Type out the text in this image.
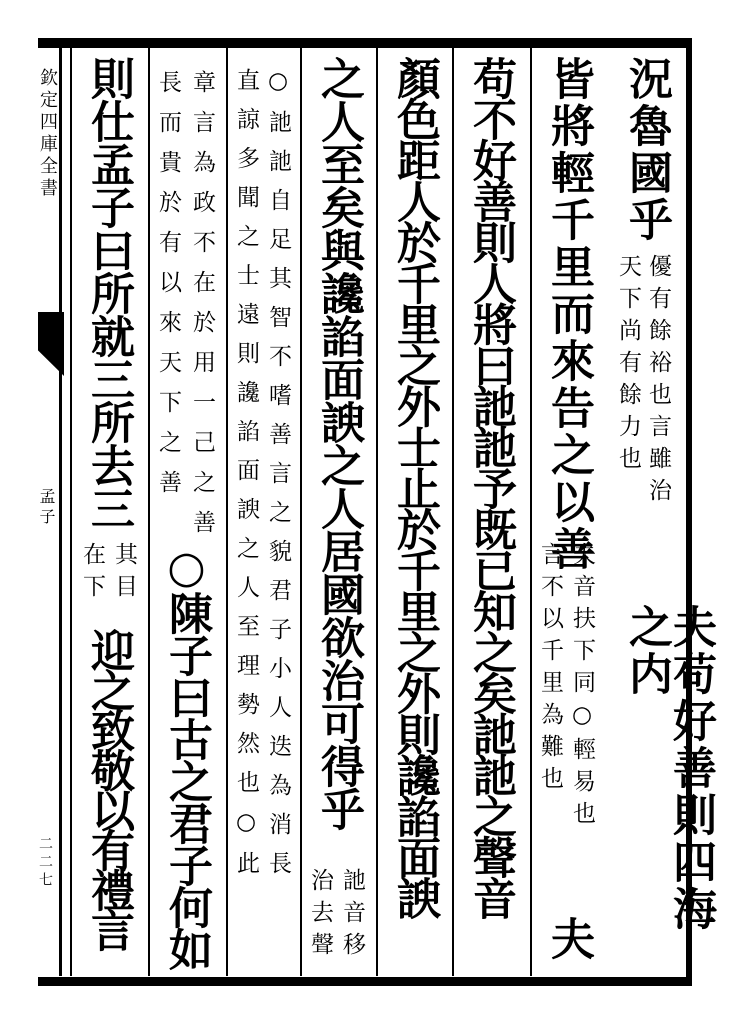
欽定四庫全書
孟子
二二七
況魯國乎
優有餘裕也言雖治
天下尚有餘力也
夫苟好善則四海之内
皆將輕千里而來告之以善
夫音扶下同○輕易也
言不以千里為難也
夫
苟不好善則人將曰訑訑予既已知之矣訑訑之聲音
顏色距人於千里之外士止於千里之外則讒諂面諛
之人至矣與讒諂面諛之人居國欲治可得乎
訑音移
治去聲
○訑訑自足其智不嗜善言之貌君子小人迭為消長
直諒多聞之士遠則讒諂面諛之人至理勢然也○此
章言為政不在於用一己之善
長而貴於有以來天下之善
○陳子曰古之君子何如
則仕孟子曰所就三所去三
其目
在下
迎之致敬以有禮言
